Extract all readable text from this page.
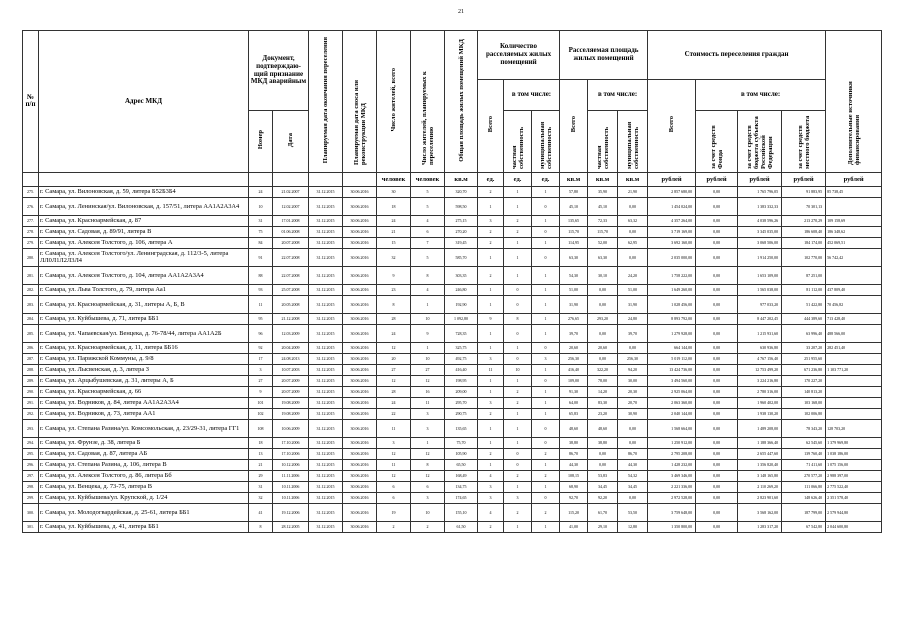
21
№ п/п	Адрес МКД	Документ, подтверждаю-щий признание МКД аварийным		Планируемая дата окончания переселения	Планируемая дата сноса или реконструкции МКД	Число жителей, всего	Число жителей, планируемых к переселению	Общая площадь жилых помещений МКД	Количество расселяемых жилых помещений			Расселяемая площадь жилых помещений			Стоимость переселения граждан				Дополнительные источники финансирования
									Всего	в том числе:		Всего	в том числе:		Всего	в том числе:			
		Номер	Дата							частная собственность	муниципальная собственность		частная собственность	муниципальная собственность		за счет средств Фонда	за счет средств бюджета субъекта Российской Федерации	за счет средств местного бюджета	
						человек	человек	кв.м	ед.	ед.	ед.	кв.м	кв.м	кв.м	рублей	рублей	рублей	рублей	рублей
275.	г. Самара, ул. Вилоновская, д. 59, литера Б52Б3Б4	24	21.02.2007	31.12.2015	30.06.2016	30	5	320,70	2	1	1	57,80	35,90	21,90	2 857 680,00	0,00	1 765 796,05	91 883,95	85 738,45
276.	г. Самара, ул. Ленинская/ул. Вилоновская, д. 157/51, литера АА1А2А3А4	10	12.02.2007	31.12.2015	30.06.2016	18	5	598,50	1	1	0	45,10	45,10	0,00	1 454 024,00	0,00	1 383 332,33	70 301,13	
277.	г. Самара, ул. Красноармейская, д. 87	31	17.01.2008	31.12.2015	30.06.2016	24	4	275,15	3	2	1	135,65	72,33	63,32	4 357 264,00	0,00	4 038 596,26	213 270,29	109 158,69
278.	г. Самара, ул. Садовая, д. 89/91, литера В	75	01.06.2008	31.12.2015	30.06.2016	21	6	270,20	2	2	0	115,70	115,70	0,00	3 719 169,00	0,00	3 345 035,00	186 608,40	186 348,62
279.	г. Самара, ул. Алексея Толстого, д. 106, литера А	84	20.07.2008	31.12.2015	30.06.2016	15	7	319,45	2	1	1	114,95	52,00	62,95	3 692 160,00	0,00	3 068 506,00	184 174,00	452 069,51
280.	г. Самара, ул. Алексея Толстого/ул. Ленинградская, д. 112/3-5, литера ЛЛ0Л1Л2Л3Л4	91	22.07.2008	31.12.2015	30.06.2016	32	5	585,70	1	1	0	63,30	63,30	0,00	2 035 000,00	0,00	1 914 250,00	102 770,00	56 742,42
281.	г. Самара, ул. Алексея Толстого, д. 104, литера АА1А2А3А4	88	22.07.2008	31.12.2015	30.06.2016	9	8	303,35	2	1	1	54,30	30,10	24,20	1 758 222,00	0,00	1 653 109,00	87 251,00	
282.	г. Самара, ул. Льва Толстого, д. 79, литера Аа1	93	25.07.2008	31.12.2015	30.06.2016	23	4	246,80	1	0	1	51,00	0,00	51,00	1 649 260,00	0,00	1 565 038,00	81 112,00	437 809,40
283.	г. Самара, ул. Красноармейская, д. 31, литеры А, Б, В	11	20.05.2008	31.12.2015	30.06.2016	8	1	192,90	1	0	1	31,90	0,00	31,90	1 028 456,00	0,00	977 033,20	51 422,80	70 456,82
284.	г. Самара, ул. Куйбышева, д. 71, литера ББ1	95	21.12.2008	31.12.2015	30.06.2016	28	10	1 092,80	9	8	1	276,65	293,20	24,80	8 893 792,00	0,00	8 447 202,45	444 389,60	713 428,40
285.	г. Самара, ул. Чапаевская/ул. Венцека, д. 76-78/44, литера АА1А2Б	96	12.03.2009	31.12.2015	30.06.2016	24	9	728,35	1	0	1	39,70	0,00	39,70	1 279 928,00	0,00	1 215 931,60	63 996,40	488 566,00
286.	г. Самара, ул. Красноармейская, д. 11, литера ББ16	92	20.04.2009	31.12.2015	30.06.2016	12	1	325,75	1	1	0	20,60	20,60	0,00	664 144,00	0,00	630 936,80	33 207,20	282 451,40
287.	г. Самара, ул. Парижской Коммуны, д. 9/8	17	24.08.2013	31.12.2015	30.06.2016	20	10	492,75	3	0	3	256,30	0,00	256,30	5 019 112,00	0,00	4 767 156,40	251 955,60	
288.	г. Самара, ул. Лысвенская, д. 3, литера З	3	10.07.2003	31.12.2015	30.06.2016	27	27	416,40	11	10	1	416,40	322,20	94,20	13 424 736,00	0,00	12 753 499,20	671 236,80	1 103 771,20
289.	г. Самара, ул. Арцыбушевская, д. 31, литеры А, Б	27	20.07.2009	31.12.2015	30.06.2016	12	12	198,95	1	1	0	109,00	78,00	30,00	3 494 560,00	0,00	3 224 216,80	170 227,20	
290.	г. Самара, ул. Красноармейская, д. 66	9	20.07.2009	31.12.2015	30.06.2016	28	16	209,00	1	2	1	91,30	14,20	20,30	2 925 064,00	0,00	2 780 316,00	140 813,20	
291.	г. Самара, ул. Водников, д. 84, литера АА1А2А3А4	101	19.08.2009	31.12.2015	30.06.2016	24	11	295,70	3	2	1	64,00	83,30	20,70	2 063 360,00	0,00	1 960 402,00	103 168,00	
292.	г. Самара, ул. Водников, д. 73, литера АА1	102	19.08.2009	31.12.2015	30.06.2016	22	3	290,75	2	1	1	65,83	23,20	30,90	2 040 144,00	0,00	1 938 130,20	102 006,80	
293.	г. Самара, ул. Степана Разина/ул. Комсомольская, д. 23/29-31, литера ГГ1	108	10.06.2009	31.12.2015	30.06.2016	11	3	135,65	1	1	0	48,60	48,60	0,00	1 568 664,00	0,00	1 489 208,00	78 343,20	128 703,20
294.	г. Самара, ул. Фрунзе, д. 38, литера Б	18	17.10.2006	31.12.2015	30.06.2016	3	1	75,70	1	1	0	38,80	38,80	0,00	1 250 912,00	0,00	1 188 366,40	62 545,60	1 379 969,80
295.	г. Самара, ул. Садовая, д. 87, литера АБ	13	17.10.2006	31.12.2015	30.06.2016	12	12	105,90	2	0	2	86,70	0,00	86,70	2 795 208,00	0,00	2 655 447,60	139 760,40	1 038 186,00
296.	г. Самара, ул. Степана Разина, д. 106, литера В	21	10.12.2006	31.12.2015	30.06.2016	11	8	65,50	1	0	1	44,30	0,00	44,30	1 428 232,00	0,00	1 356 820,40	71 411,60	1 075 156,00
297.	г. Самара, ул. Алексея Толстого, д. 86, литера Бб	29	11.11.2006	31.12.2015	30.06.2016	12	12	168,49	4	2	2	108,15	53,83	54,32	3 469 346,00	0,00	3 148 165,80	270 577,20	2 988 397,00
298.	г. Самара, ул. Венцека, д. 73-75, литера В	31	10.11.2006	31.12.2015	30.06.2016	6	6	134,75	3	1	1	68,90	34,45	34,45	2 221 336,00	0,00	2 110 269,20	111 066,80	2 775 522,40
299.	г. Самара, ул. Куйбышева/ул. Крупской, д. 1/24	32	10.11.2006	31.12.2015	30.06.2016	6	3	174,65	3	3	0	92,70	92,20	0,00	2 972 528,00	0,00	2 823 901,60	148 626,40	2 351 578,40
300.	г. Самара, ул. Молодогвардейская, д. 25-61, литера ББ1	41	19.12.2006	31.12.2015	30.06.2016	19	10	155,10	4	2	2	115,20	61,70	53,50	3 759 648,00	0,00	3 568 162,00	187 799,00	2 579 944,80
301.	г. Самара, ул. Куйбышева, д. 41, литера ББ1	8	28.12.2005	31.12.2015	30.06.2016	2	2	61,50	2	1	1	41,00	29,10	12,80	1 350 800,00	0,00	1 283 317,20	67 542,80	2 044 600,80
